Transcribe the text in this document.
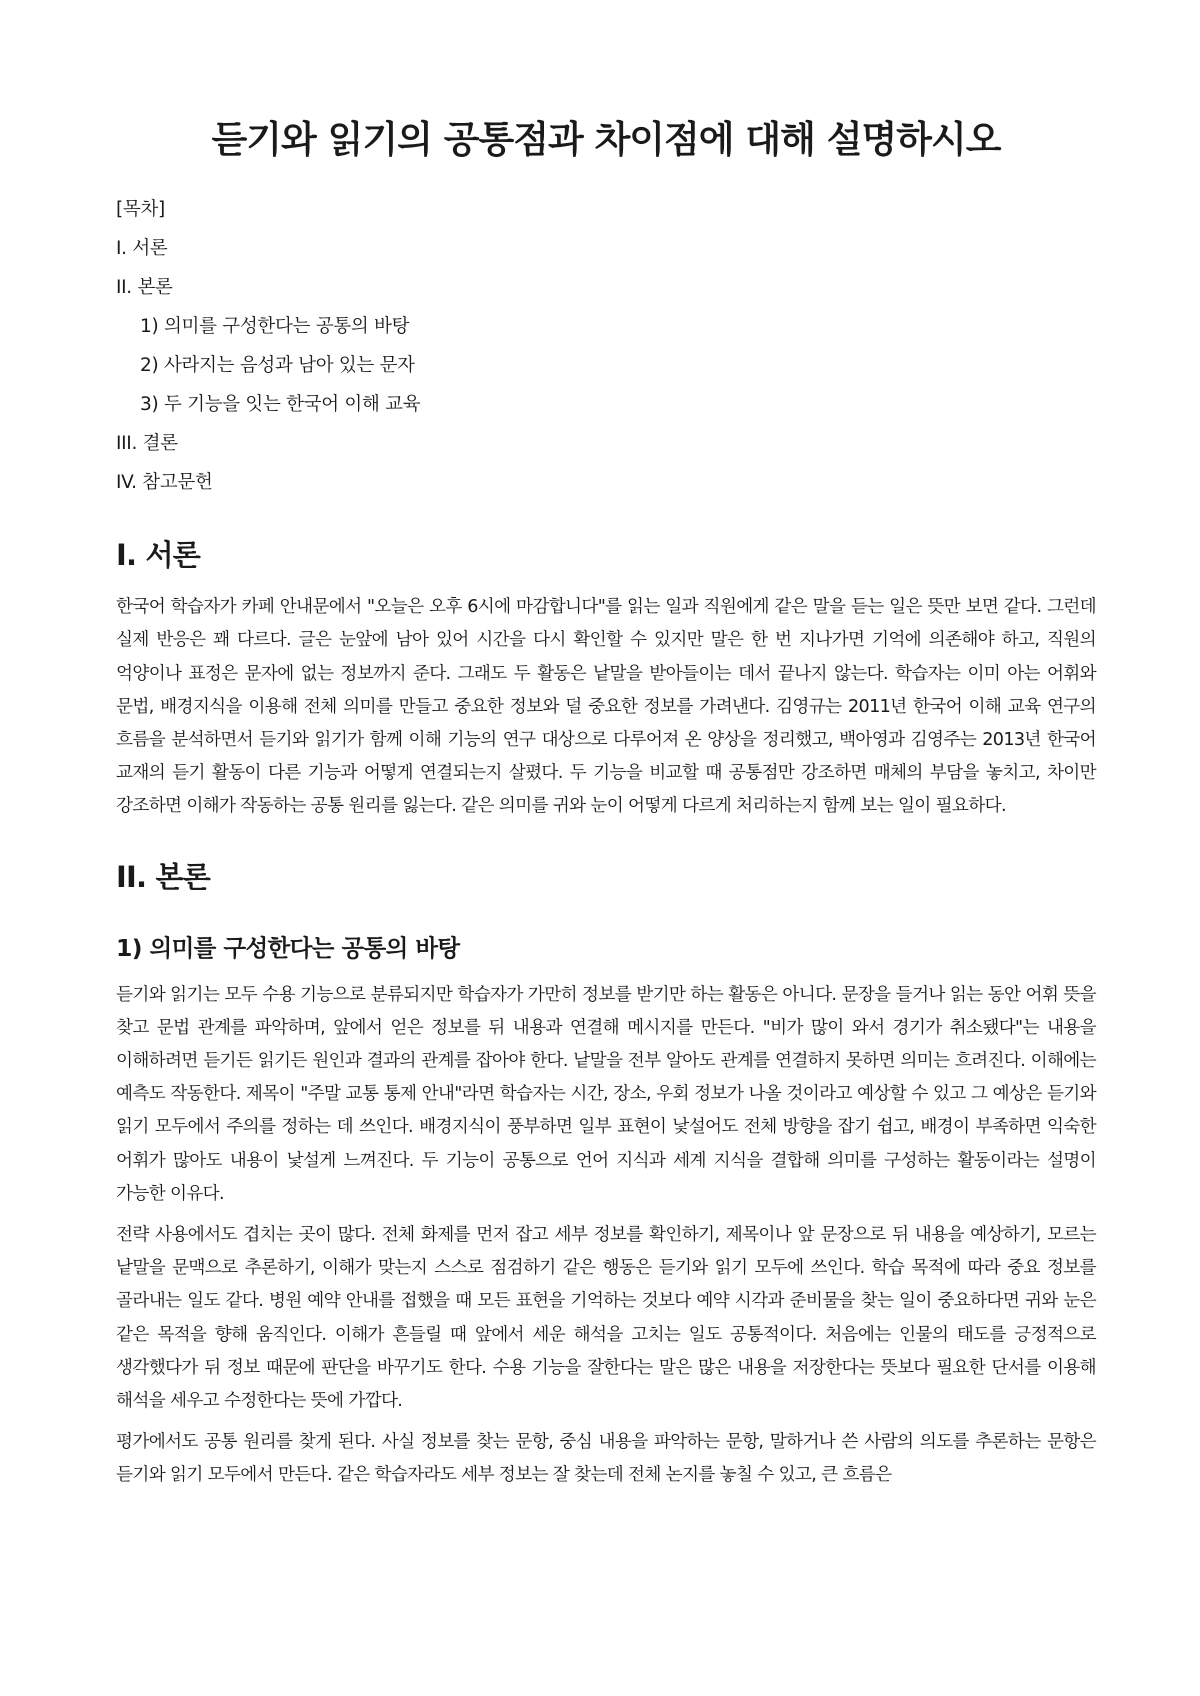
듣기와 읽기의 공통점과 차이점에 대해 설명하시오
[목차]
I. 서론
II. 본론
1) 의미를 구성한다는 공통의 바탕
2) 사라지는 음성과 남아 있는 문자
3) 두 기능을 잇는 한국어 이해 교육
III. 결론
IV. 참고문헌
I. 서론

한국어 학습자가 카페 안내문에서 "오늘은 오후 6시에 마감합니다"를 읽는 일과 직원에게 같은 말을 듣는 일은 뜻만 보면 같다. 그런데 실제 반응은 꽤 다르다. 글은 눈앞에 남아 있어 시간을 다시 확인할 수 있지만 말은 한 번 지나가면 기억에 의존해야 하고, 직원의 억양이나 표정은 문자에 없는 정보까지 준다. 그래도 두 활동은 낱말을 받아들이는 데서 끝나지 않는다. 학습자는 이미 아는 어휘와 문법, 배경지식을 이용해 전체 의미를 만들고 중요한 정보와 덜 중요한 정보를 가려낸다. 김영규는 2011년 한국어 이해 교육 연구의 흐름을 분석하면서 듣기와 읽기가 함께 이해 기능의 연구 대상으로 다루어져 온 양상을 정리했고, 백아영과 김영주는 2013년 한국어 교재의 듣기 활동이 다른 기능과 어떻게 연결되는지 살폈다. 두 기능을 비교할 때 공통점만 강조하면 매체의 부담을 놓치고, 차이만 강조하면 이해가 작동하는 공통 원리를 잃는다. 같은 의미를 귀와 눈이 어떻게 다르게 처리하는지 함께 보는 일이 필요하다.

II. 본론
1) 의미를 구성한다는 공통의 바탕

듣기와 읽기는 모두 수용 기능으로 분류되지만 학습자가 가만히 정보를 받기만 하는 활동은 아니다. 문장을 들거나 읽는 동안 어휘 뜻을 찾고 문법 관계를 파악하며, 앞에서 얻은 정보를 뒤 내용과 연결해 메시지를 만든다. "비가 많이 와서 경기가 취소됐다"는 내용을 이해하려면 듣기든 읽기든 원인과 결과의 관계를 잡아야 한다. 낱말을 전부 알아도 관계를 연결하지 못하면 의미는 흐려진다. 이해에는 예측도 작동한다. 제목이 "주말 교통 통제 안내"라면 학습자는 시간, 장소, 우회 정보가 나올 것이라고 예상할 수 있고 그 예상은 듣기와 읽기 모두에서 주의를 정하는 데 쓰인다. 배경지식이 풍부하면 일부 표현이 낯설어도 전체 방향을 잡기 쉽고, 배경이 부족하면 익숙한 어휘가 많아도 내용이 낯설게 느껴진다. 두 기능이 공통으로 언어 지식과 세계 지식을 결합해 의미를 구성하는 활동이라는 설명이 가능한 이유다.

전략 사용에서도 겹치는 곳이 많다. 전체 화제를 먼저 잡고 세부 정보를 확인하기, 제목이나 앞 문장으로 뒤 내용을 예상하기, 모르는 낱말을 문맥으로 추론하기, 이해가 맞는지 스스로 점검하기 같은 행동은 듣기와 읽기 모두에 쓰인다. 학습 목적에 따라 중요 정보를 골라내는 일도 같다. 병원 예약 안내를 접했을 때 모든 표현을 기억하는 것보다 예약 시각과 준비물을 찾는 일이 중요하다면 귀와 눈은 같은 목적을 향해 움직인다. 이해가 흔들릴 때 앞에서 세운 해석을 고치는 일도 공통적이다. 처음에는 인물의 태도를 긍정적으로 생각했다가 뒤 정보 때문에 판단을 바꾸기도 한다. 수용 기능을 잘한다는 말은 많은 내용을 저장한다는 뜻보다 필요한 단서를 이용해 해석을 세우고 수정한다는 뜻에 가깝다.

평가에서도 공통 원리를 찾게 된다. 사실 정보를 찾는 문항, 중심 내용을 파악하는 문항, 말하거나 쓴 사람의 의도를 추론하는 문항은 듣기와 읽기 모두에서 만든다. 같은 학습자라도 세부 정보는 잘 찾는데 전체 논지를 놓칠 수 있고, 큰 흐름은
